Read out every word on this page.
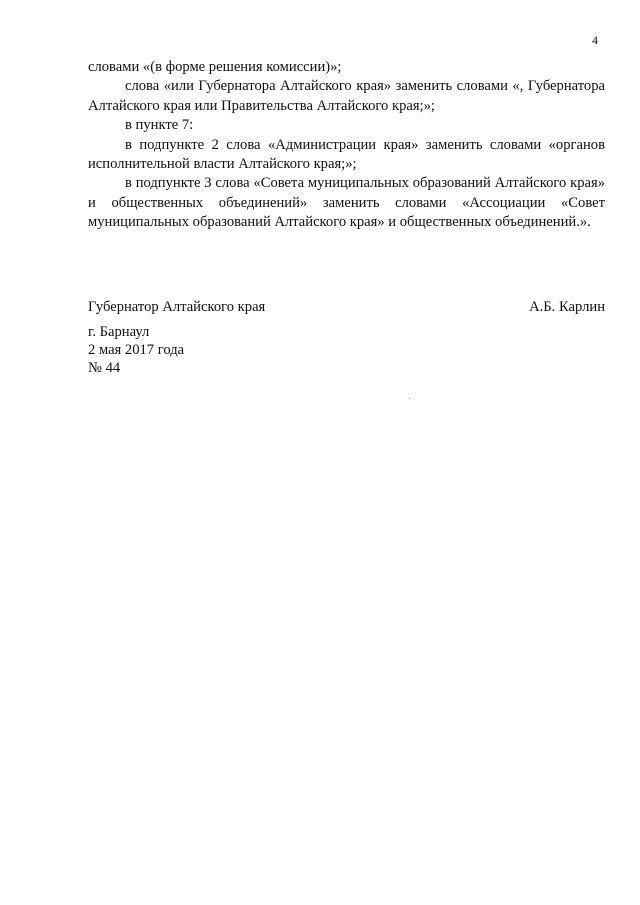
4

словами «(в форме решения комиссии)»;

слова «или Губернатора Алтайского края» заменить словами «, Губернатора Алтайского края или Правительства Алтайского края;»;

в пункте 7:

в подпункте 2 слова «Администрации края» заменить словами «органов исполнительной власти Алтайского края;»;

в подпункте 3 слова «Совета муниципальных образований Алтайского края» и общественных объединений» заменить словами «Ассоциации «Совет муниципальных образований Алтайского края» и общественных объединений.».

Губернатор Алтайского края	А.Б. Карлин
г. Барнаул
2 мая 2017 года
№ 44
